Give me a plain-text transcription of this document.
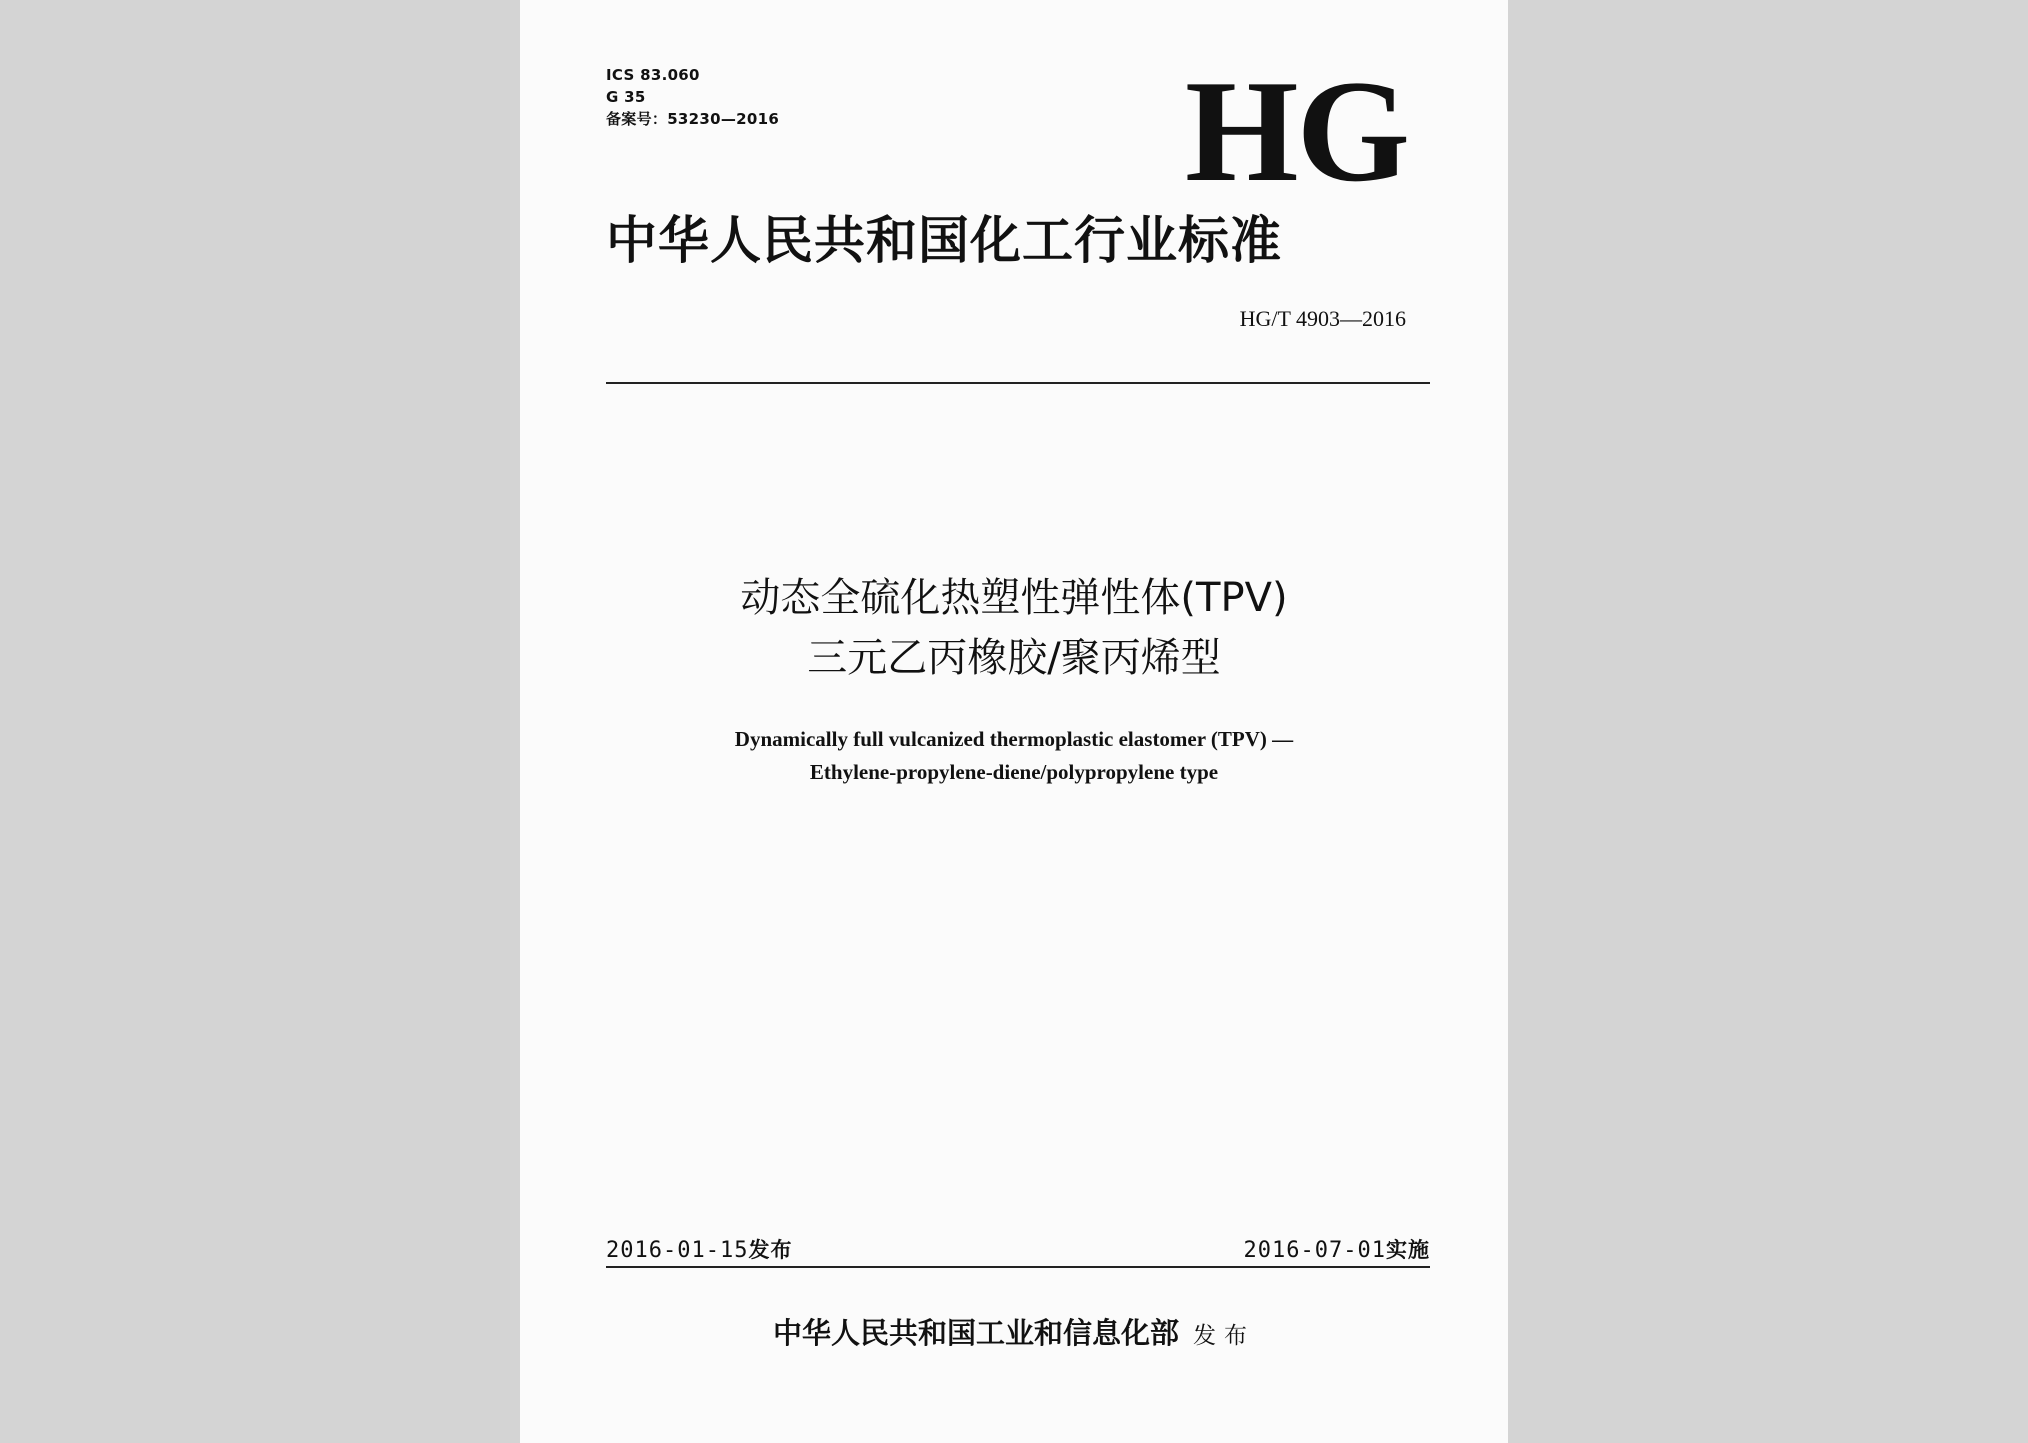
ICS 83.060
G 35
备案号：53230—2016	HG
中华人民共和国化工行业标准
HG/T 4903—2016
动态全硫化热塑性弹性体(TPV)
三元乙丙橡胶/聚丙烯型
Dynamically full vulcanized thermoplastic elastomer (TPV) —
Ethylene-propylene-diene/polypropylene type
2016-01-15发布	2016-07-01实施
中华人民共和国工业和信息化部 发布
